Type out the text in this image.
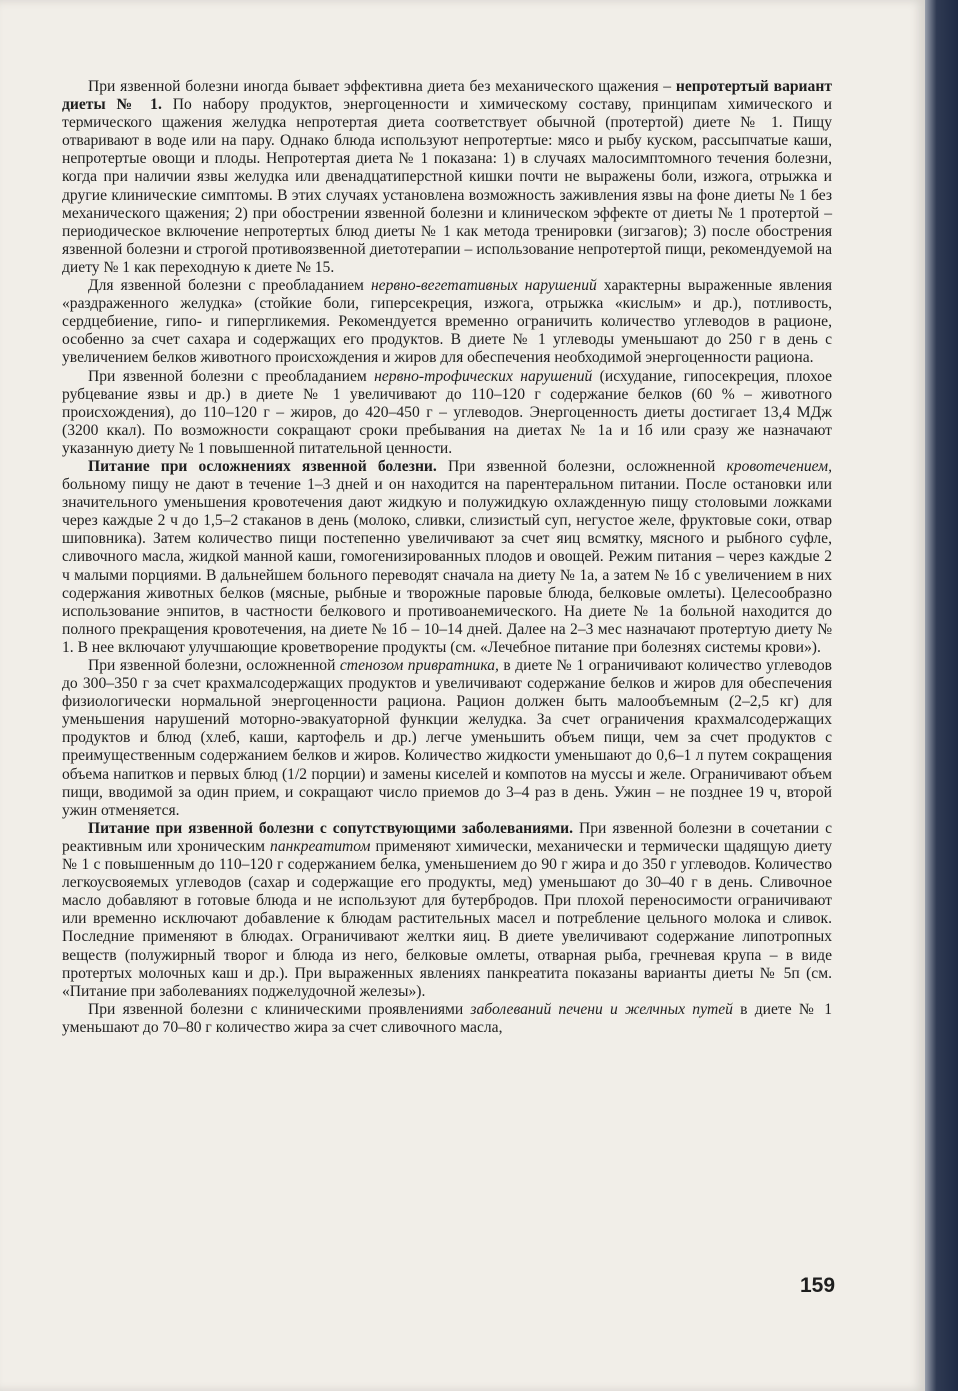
При язвенной болезни иногда бывает эффективна диета без механического щажения – непротертый вариант диеты № 1. По набору продуктов, энергоценности и химическому составу, принципам химического и термического щажения желудка непротертая диета соответствует обычной (протертой) диете № 1. Пищу отваривают в воде или на пару. Однако блюда используют непротертые: мясо и рыбу куском, рассыпчатые каши, непротертые овощи и плоды. Непротертая диета № 1 показана: 1) в случаях малосимптомного течения болезни, когда при наличии язвы желудка или двенадцатиперстной кишки почти не выражены боли, изжога, отрыжка и другие клинические симптомы. В этих случаях установлена возможность заживления язвы на фоне диеты № 1 без механического щажения; 2) при обострении язвенной болезни и клиническом эффекте от диеты № 1 протертой – периодическое включение непротертых блюд диеты № 1 как метода тренировки (зигзагов); 3) после обострения язвенной болезни и строгой противоязвенной диетотерапии – использование непротертой пищи, рекомендуемой на диету № 1 как переходную к диете № 15.

Для язвенной болезни с преобладанием нервно-вегетативных нарушений характерны выраженные явления «раздраженного желудка» (стойкие боли, гиперсекреция, изжога, отрыжка «кислым» и др.), потливость, сердцебиение, гипо- и гипергликемия. Рекомендуется временно ограничить количество углеводов в рационе, особенно за счет сахара и содержащих его продуктов. В диете № 1 углеводы уменьшают до 250 г в день с увеличением белков животного происхождения и жиров для обеспечения необходимой энергоценности рациона.

При язвенной болезни с преобладанием нервно-трофических нарушений (исхудание, гипосекреция, плохое рубцевание язвы и др.) в диете № 1 увеличивают до 110–120 г содержание белков (60 % – животного происхождения), до 110–120 г – жиров, до 420–450 г – углеводов. Энергоценность диеты достигает 13,4 МДж (3200 ккал). По возможности сокращают сроки пребывания на диетах № 1а и 1б или сразу же назначают указанную диету № 1 повышенной питательной ценности.

Питание при осложнениях язвенной болезни. При язвенной болезни, осложненной кровотечением, больному пищу не дают в течение 1–3 дней и он находится на парентеральном питании. После остановки или значительного уменьшения кровотечения дают жидкую и полужидкую охлажденную пищу столовыми ложками через каждые 2 ч до 1,5–2 стаканов в день (молоко, сливки, слизистый суп, негустое желе, фруктовые соки, отвар шиповника). Затем количество пищи постепенно увеличивают за счет яиц всмятку, мясного и рыбного суфле, сливочного масла, жидкой манной каши, гомогенизированных плодов и овощей. Режим питания – через каждые 2 ч малыми порциями. В дальнейшем больного переводят сначала на диету № 1а, а затем № 1б с увеличением в них содержания животных белков (мясные, рыбные и творожные паровые блюда, белковые омлеты). Целесообразно использование энпитов, в частности белкового и противоанемического. На диете № 1а больной находится до полного прекращения кровотечения, на диете № 1б – 10–14 дней. Далее на 2–3 мес назначают протертую диету № 1. В нее включают улучшающие кроветворение продукты (см. «Лечебное питание при болезнях системы крови»).

При язвенной болезни, осложненной стенозом привратника, в диете № 1 ограничивают количество углеводов до 300–350 г за счет крахмалсодержащих продуктов и увеличивают содержание белков и жиров для обеспечения физиологически нормальной энергоценности рациона. Рацион должен быть малообъемным (2–2,5 кг) для уменьшения нарушений моторно-эвакуаторной функции желудка. За счет ограничения крахмалсодержащих продуктов и блюд (хлеб, каши, картофель и др.) легче уменьшить объем пищи, чем за счет продуктов с преимущественным содержанием белков и жиров. Количество жидкости уменьшают до 0,6–1 л путем сокращения объема напитков и первых блюд (1/2 порции) и замены киселей и компотов на муссы и желе. Ограничивают объем пищи, вводимой за один прием, и сокращают число приемов до 3–4 раз в день. Ужин – не позднее 19 ч, второй ужин отменяется.

Питание при язвенной болезни с сопутствующими заболеваниями. При язвенной болезни в сочетании с реактивным или хроническим панкреатитом применяют химически, механически и термически щадящую диету № 1 с повышенным до 110–120 г содержанием белка, уменьшением до 90 г жира и до 350 г углеводов. Количество легкоусвояемых углеводов (сахар и содержащие его продукты, мед) уменьшают до 30–40 г в день. Сливочное масло добавляют в готовые блюда и не используют для бутербродов. При плохой переносимости ограничивают или временно исключают добавление к блюдам растительных масел и потребление цельного молока и сливок. Последние применяют в блюдах. Ограничивают желтки яиц. В диете увеличивают содержание липотропных веществ (полужирный творог и блюда из него, белковые омлеты, отварная рыба, гречневая крупа – в виде протертых молочных каш и др.). При выраженных явлениях панкреатита показаны варианты диеты № 5п (см. «Питание при заболеваниях поджелудочной железы»).

При язвенной болезни с клиническими проявлениями заболеваний печени и желчных путей в диете № 1 уменьшают до 70–80 г количество жира за счет сливочного масла,

159
